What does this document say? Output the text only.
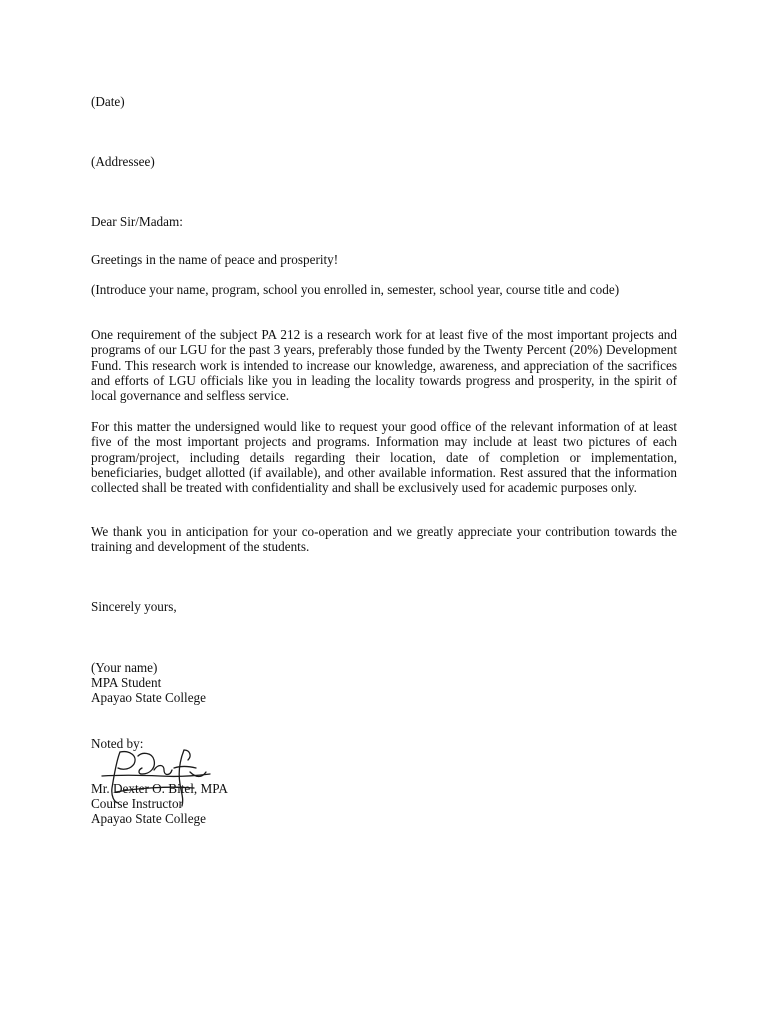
(Date)

(Addressee)

Dear Sir/Madam:

Greetings in the name of peace and prosperity!

(Introduce your name, program, school you enrolled in, semester, school year, course title and code)

One requirement of the subject PA 212 is a research work for at least five of the most important projects and programs of our LGU for the past 3 years, preferably those funded by the Twenty Percent (20%) Development Fund. This research work is intended to increase our knowledge, awareness, and appreciation of the sacrifices and efforts of LGU officials like you in leading the locality towards progress and prosperity, in the spirit of local governance and selfless service.

For this matter the undersigned would like to request your good office of the relevant information of at least five of the most important projects and programs. Information may include at least two pictures of each program/project, including details regarding their location, date of completion or implementation, beneficiaries, budget allotted (if available), and other available information. Rest assured that the information collected shall be treated with confidentiality and shall be exclusively used for academic purposes only.

We thank you in anticipation for your co-operation and we greatly appreciate your contribution towards the training and development of the students.

Sincerely yours,

(Your name)

MPA Student

Apayao State College

Noted by:

Mr. Dexter O. Bitel, MPA

Course Instructor

Apayao State College
